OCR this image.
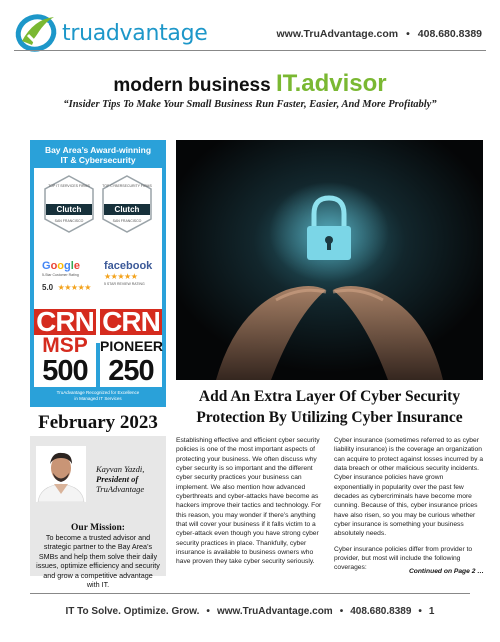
truadvantage	www.TruAdvantage.com • 408.680.8389
modern business IT.advisor
“Insider Tips To Make Your Small Business Run Faster, Easier, And More Profitably”
Bay Area’s Award-winning
IT & Cybersecurity
TOP IT SERVICES FIRMS
Clutch
SAN FRANCISCO
TOP CYBERSECURITY FIRMS
Clutch
SAN FRANCISCO
Google
5-Star Customer Rating
5.0 ★★★★★
facebook
★★★★★
5 STAR REVIEW RATING
CRN
MSP
500
CRN
PIONEER
250
TruAdvantage Recognized for Excellence
in Managed IT Services	Add An Extra Layer Of Cyber Security
Protection By Utilizing Cyber Insurance
February 2023
Kayvan Yazdi,
President of
TruAdvantage
Our Mission:
To become a trusted advisor and strategic partner to the Bay Area’s SMBs and help them solve their daily issues, optimize efficiency and security and grow a competitive advantage with IT.

Establishing effective and efficient cyber security policies is one of the most important aspects of protecting your business. We often discuss why cyber security is so important and the different cyber security practices your business can implement. We also mention how advanced cyberthreats and cyber-attacks have become as hackers improve their tactics and technology. For this reason, you may wonder if there’s anything that will cover your business if it falls victim to a cyber-attack even though you have strong cyber security practices in place. Thankfully, cyber insurance is available to business owners who have proven they take cyber security seriously.

Cyber insurance (sometimes referred to as cyber liability insurance) is the coverage an organization can acquire to protect against losses incurred by a data breach or other malicious security incidents. Cyber insurance policies have grown exponentially in popularity over the past few decades as cybercriminals have become more cunning. Because of this, cyber insurance prices have also risen, so you may be curious whether cyber insurance is something your business absolutely needs.

Cyber insurance policies differ from provider to provider, but most will include the following coverages:

Continued on Page 2 …
IT To Solve. Optimize. Grow. • www.TruAdvantage.com • 408.680.8389 • 1
